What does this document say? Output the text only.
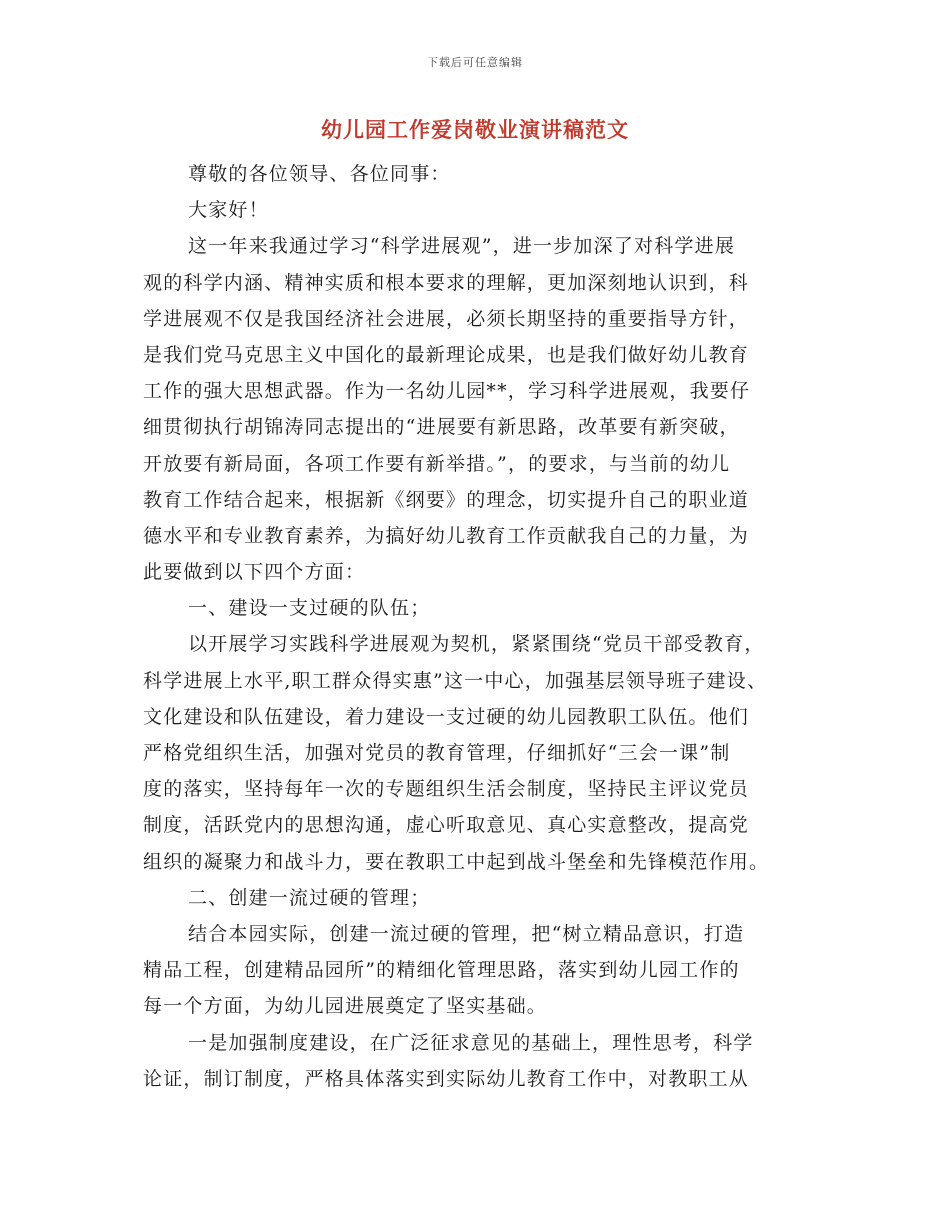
下载后可任意编辑
幼儿园工作爱岗敬业演讲稿范文
尊敬的各位领导、各位同事：
大家好！
这一年来我通过学习“科学进展观”，进一步加深了对科学进展
观的科学内涵、精神实质和根本要求的理解，更加深刻地认识到，科
学进展观不仅是我国经济社会进展，必须长期坚持的重要指导方针，
是我们党马克思主义中国化的最新理论成果，也是我们做好幼儿教育
工作的强大思想武器。作为一名幼儿园**，学习科学进展观，我要仔
细贯彻执行胡锦涛同志提出的“进展要有新思路，改革要有新突破，
开放要有新局面，各项工作要有新举措。”，的要求，与当前的幼儿
教育工作结合起来，根据新《纲要》的理念，切实提升自己的职业道
德水平和专业教育素养，为搞好幼儿教育工作贡献我自己的力量，为
此要做到以下四个方面：
一、建设一支过硬的队伍；
以开展学习实践科学进展观为契机，紧紧围绕“党员干部受教育，
科学进展上水平,职工群众得实惠”这一中心，加强基层领导班子建设、
文化建设和队伍建设，着力建设一支过硬的幼儿园教职工队伍。他们
严格党组织生活，加强对党员的教育管理，仔细抓好“三会一课”制
度的落实，坚持每年一次的专题组织生活会制度，坚持民主评议党员
制度，活跃党内的思想沟通，虚心听取意见、真心实意整改，提高党
组织的凝聚力和战斗力，要在教职工中起到战斗堡垒和先锋模范作用。
二、创建一流过硬的管理；
结合本园实际，创建一流过硬的管理，把“树立精品意识，打造
精品工程，创建精品园所”的精细化管理思路，落实到幼儿园工作的
每一个方面，为幼儿园进展奠定了坚实基础。
一是加强制度建设，在广泛征求意见的基础上，理性思考，科学
论证，制订制度，严格具体落实到实际幼儿教育工作中，对教职工从
